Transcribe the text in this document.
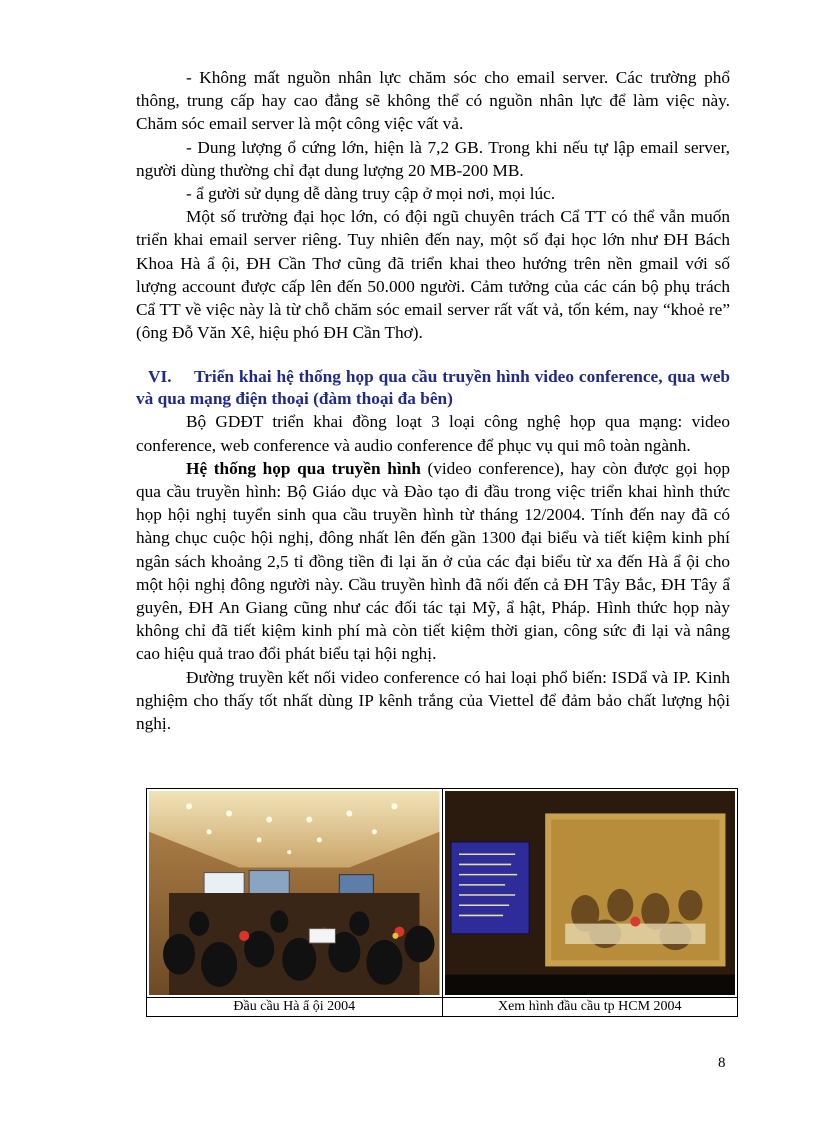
- Không mất nguồn nhân lực chăm sóc cho email server. Các trường phổ thông, trung cấp hay cao đẳng sẽ không thể có nguồn nhân lực để làm việc này. Chăm sóc email server là một công việc vất vả.

- Dung lượng ổ cứng lớn, hiện là 7,2 GB. Trong khi nếu tự lập email server, người dùng thường chỉ đạt dung lượng 20 MB-200 MB.

- ẩ gười sử dụng dễ dàng truy cập ở mọi nơi, mọi lúc.

Một số trường đại học lớn, có đội ngũ chuyên trách Cẩ TT có thể vẫn muốn triển khai email server riêng. Tuy nhiên đến nay, một số đại học lớn như ĐH Bách Khoa Hà ẩ ội, ĐH Cần Thơ cũng đã triển khai theo hướng trên nền gmail với số lượng account được cấp lên đến 50.000 người. Cảm tưởng của các cán bộ phụ trách Cẩ TT về việc này là từ chỗ chăm sóc email server rất vất vả, tốn kém, nay “khoẻ re” (ông Đỗ Văn Xê, hiệu phó ĐH Cần Thơ).

VI. Triển khai hệ thống họp qua cầu truyền hình video conference, qua web và qua mạng điện thoại (đàm thoại đa bên)

Bộ GDĐT triển khai đồng loạt 3 loại công nghệ họp qua mạng: video conference, web conference và audio conference để phục vụ qui mô toàn ngành.

Hệ thống họp qua truyền hình (video conference), hay còn được gọi họp qua cầu truyền hình: Bộ Giáo dục và Đào tạo đi đầu trong việc triển khai hình thức họp hội nghị tuyển sinh qua cầu truyền hình từ tháng 12/2004. Tính đến nay đã có hàng chục cuộc hội nghị, đông nhất lên đến gần 1300 đại biểu và tiết kiệm kinh phí ngân sách khoảng 2,5 tỉ đồng tiền đi lại ăn ở của các đại biểu từ xa đến Hà ẩ ội cho một hội nghị đông người này. Cầu truyền hình đã nối đến cả ĐH Tây Bắc, ĐH Tây ẩ guyên, ĐH An Giang cũng như các đối tác tại Mỹ, ẩ hật, Pháp. Hình thức họp này không chỉ đã tiết kiệm kinh phí mà còn tiết kiệm thời gian, công sức đi lại và nâng cao hiệu quả trao đổi phát biểu tại hội nghị.

Đường truyền kết nối video conference có hai loại phổ biến: ISDẩ và IP. Kinh nghiệm cho thấy tốt nhất dùng IP kênh trắng của Viettel để đảm bảo chất lượng hội nghị.

Đầu cầu Hà ẩ ội 2004	Xem hình đầu cầu tp HCM 2004
8
